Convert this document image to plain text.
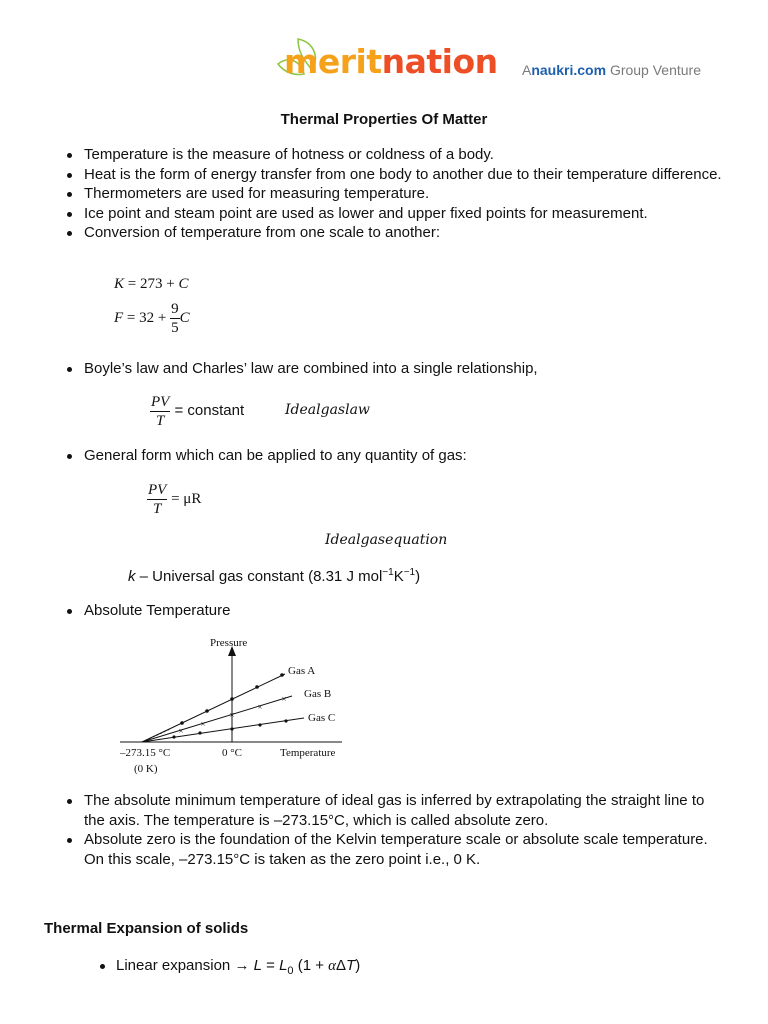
meritnation Anaukri.com Group Venture
Thermal Properties Of Matter
Temperature is the measure of hotness or coldness of a body.
Heat is the form of energy transfer from one body to another due to their temperature difference.
Thermometers are used for measuring temperature.
Ice point and steam point are used as lower and upper fixed points for measurement.
Conversion of temperature from one scale to another:
K = 273 + C
$F = 32 + \frac{9}{5}$ C
Boyle’s law and Charles’ law are combined into a single relationship,
$\frac{PV}{T}$ = constant	Idealgaslaw
General form which can be applied to any quantity of gas:
$\frac{PV}{T} = \mu R$
Idealgasequation
k – Universal gas constant (8.31 J $mol^{-1}K^{-1}$)
Absolute Temperature
Pressure
Temperature
–273.15 °C
(0 K)
0 °C
Gas A
×
×
×
×
× Gas B
Gas C
The absolute minimum temperature of ideal gas is inferred by extrapolating the straight line to the axis. The temperature is –273.15°C, which is called absolute zero.
Absolute zero is the foundation of the Kelvin temperature scale or absolute scale temperature. On this scale, –273.15°C is taken as the zero point i.e., 0 K.
Thermal Expansion of solids
Linear expansion → $L = L_0$ (1 + αΔT)
